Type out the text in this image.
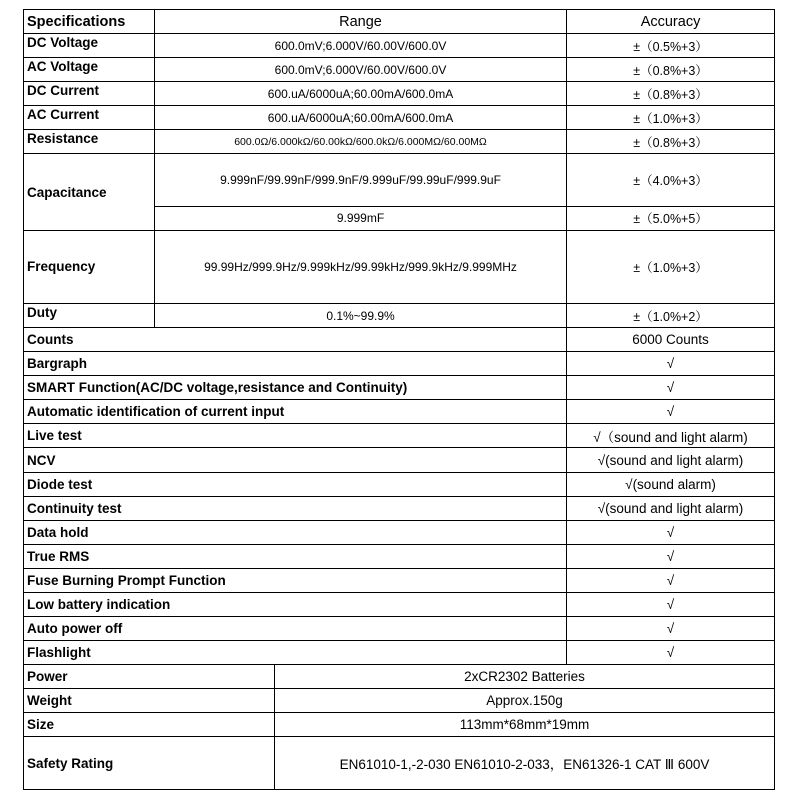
Specifications	Range		Accuracy
DC Voltage	600.0mV;6.000V/60.00V/600.0V		±（0.5%+3）
AC Voltage	600.0mV;6.000V/60.00V/600.0V		±（0.8%+3）
DC Current	600.uA/6000uA;60.00mA/600.0mA		±（0.8%+3）
AC Current	600.uA/6000uA;60.00mA/600.0mA		±（1.0%+3）
Resistance	600.0Ω/6.000kΩ/60.00kΩ/600.0kΩ/6.000MΩ/60.00MΩ		±（0.8%+3）
Capacitance	9.999nF/99.99nF/999.9nF/9.999uF/99.99uF/999.9uF		±（4.0%+3）
	9.999mF		±（5.0%+5）
Frequency	99.99Hz/999.9Hz/9.999kHz/99.99kHz/999.9kHz/9.999MHz		±（1.0%+3）
Duty	0.1%~99.9%		±（1.0%+2）
Counts			6000 Counts
Bargraph			√
SMART Function(AC/DC voltage,resistance and Continuity)			√
Automatic identification of current input			√
Live test			√（sound and light alarm)
NCV			√(sound and light alarm)
Diode test			√(sound alarm)
Continuity test			√(sound and light alarm)
Data hold			√
True RMS			√
Fuse Burning Prompt Function			√
Low battery indication			√
Auto power off			√
Flashlight			√
Power		2xCR2302 Batteries	
Weight		Approx.150g	
Size		113mm*68mm*19mm	
Safety Rating		EN61010-1,-2-030 EN61010-2-033，EN61326-1 CAT Ⅲ 600V	
